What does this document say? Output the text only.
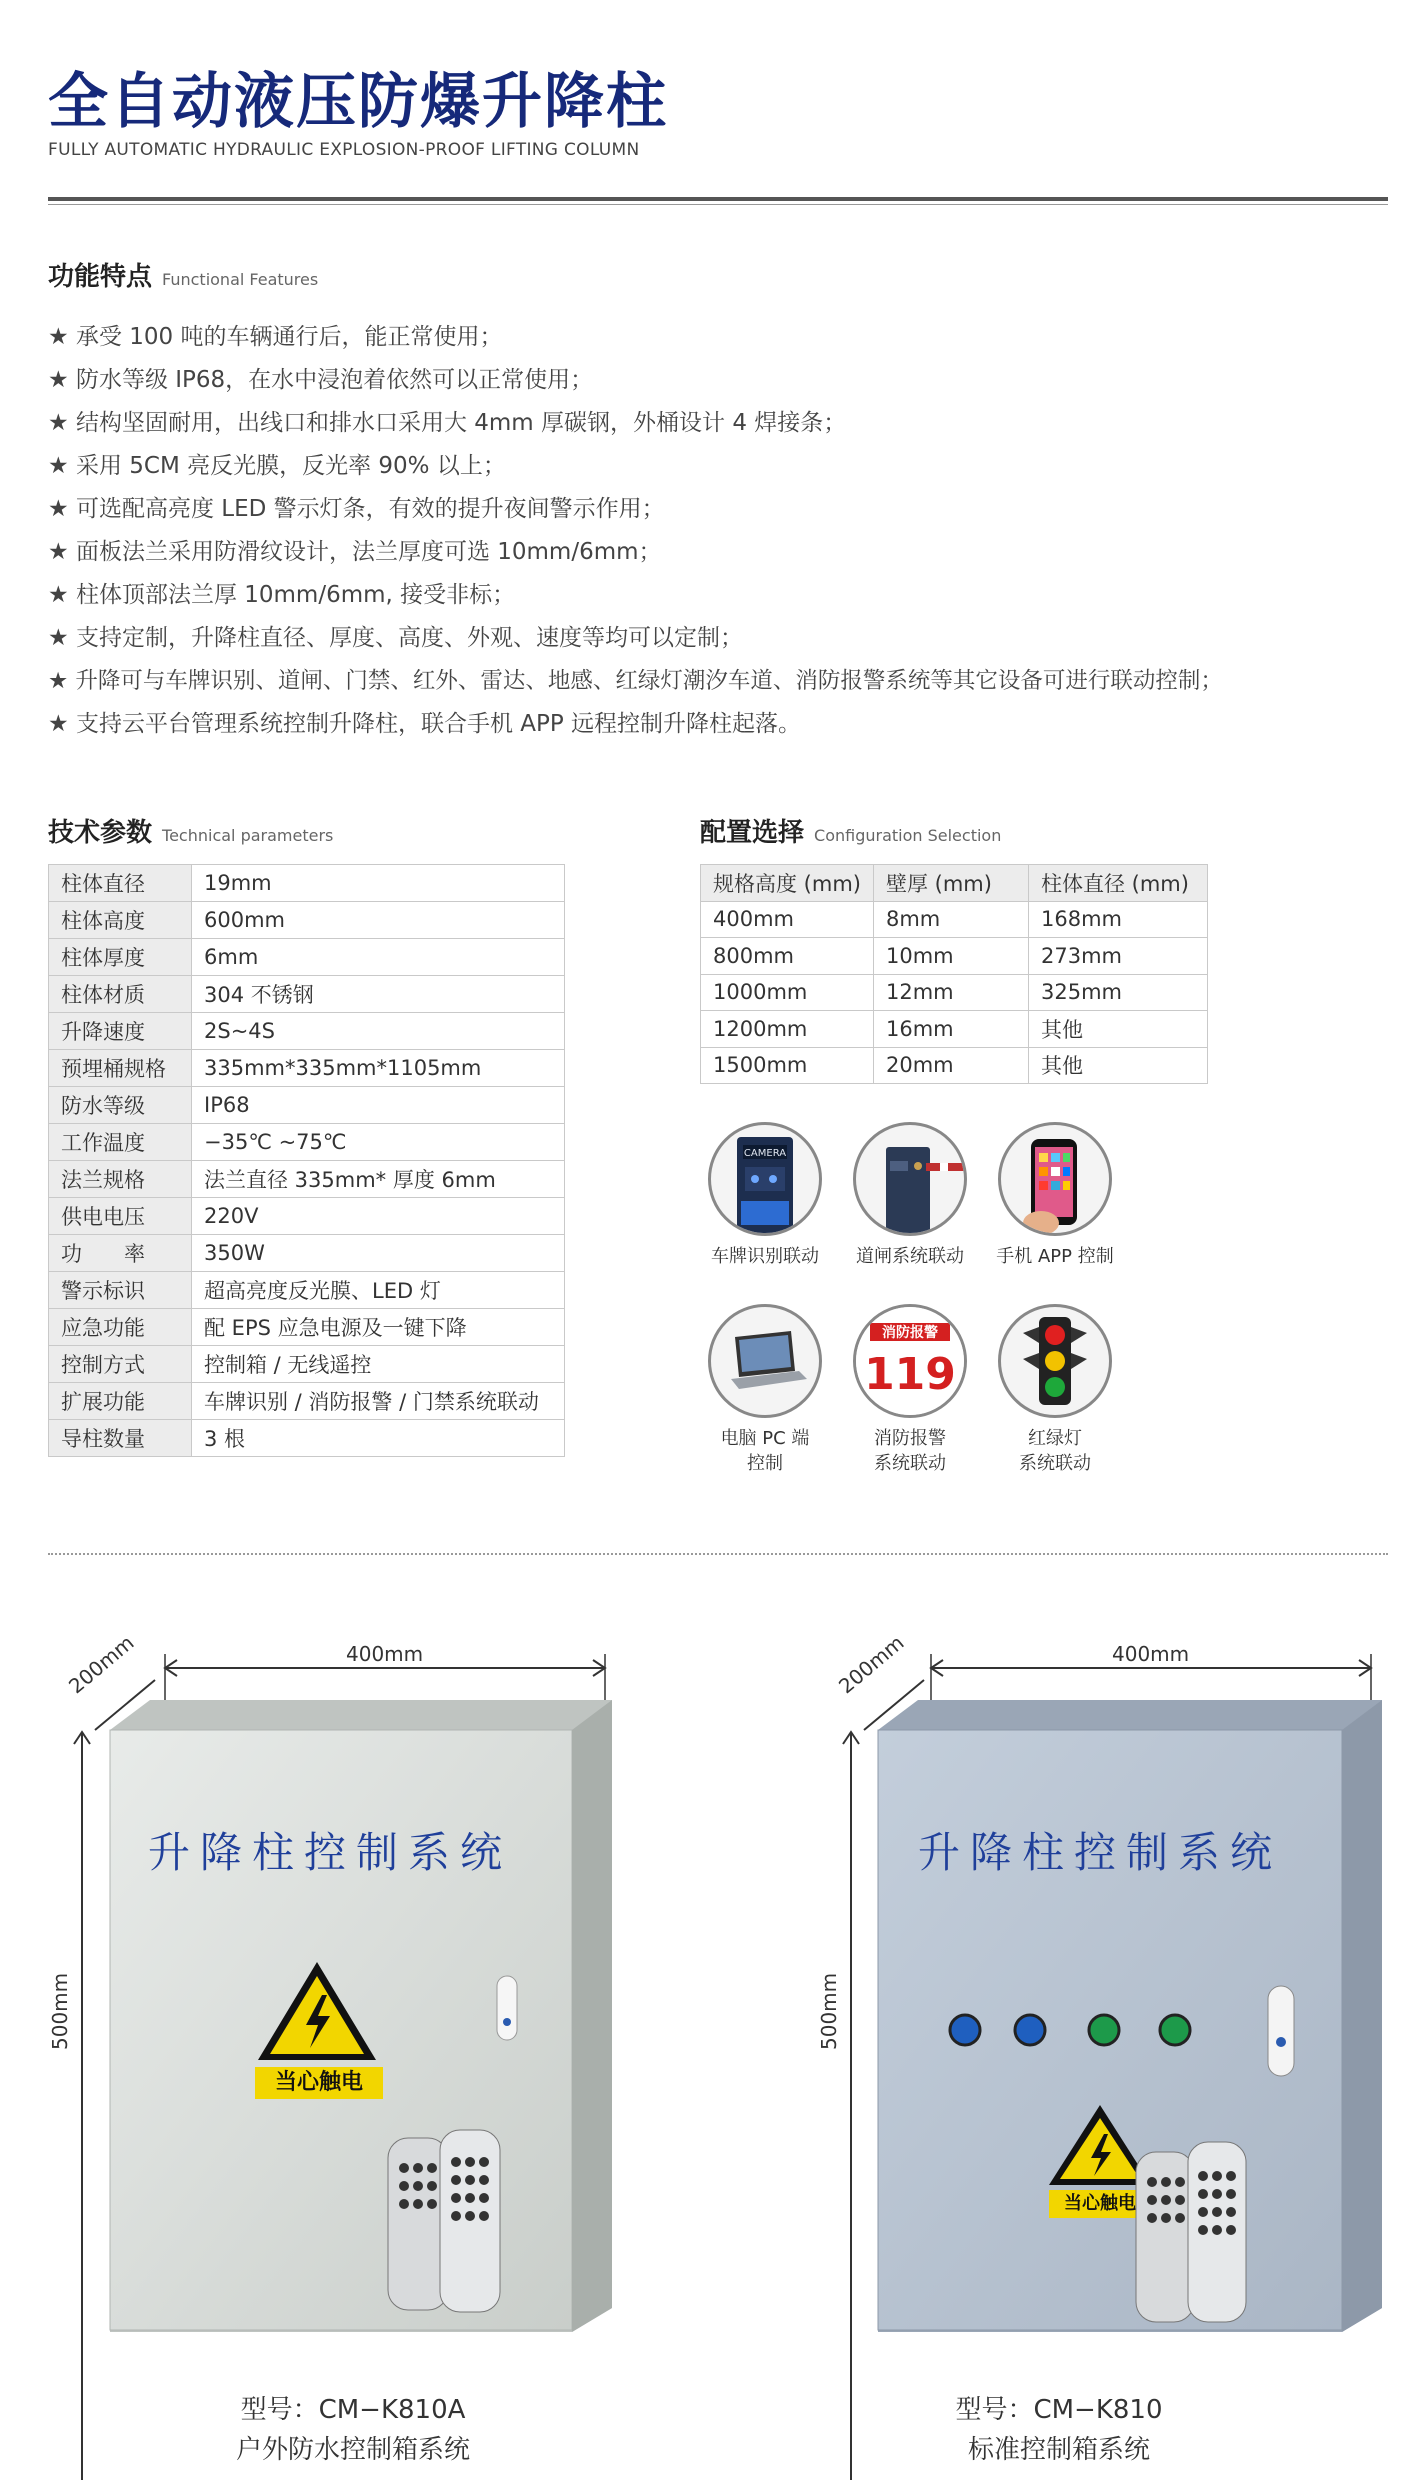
全自动液压防爆升降柱
FULLY AUTOMATIC HYDRAULIC EXPLOSION-PROOF LIFTING COLUMN
功能特点 Functional Features
★ 承受 100 吨的车辆通行后，能正常使用；
★ 防水等级 IP68，在水中浸泡着依然可以正常使用；
★ 结构坚固耐用，出线口和排水口采用大 4mm 厚碳钢，外桶设计 4 焊接条；
★ 采用 5CM 亮反光膜，反光率 90% 以上；
★ 可选配高亮度 LED 警示灯条，有效的提升夜间警示作用；
★ 面板法兰采用防滑纹设计，法兰厚度可选 10mm/6mm；
★ 柱体顶部法兰厚 10mm/6mm, 接受非标；
★ 支持定制，升降柱直径、厚度、高度、外观、速度等均可以定制；
★ 升降可与车牌识别、道闸、门禁、红外、雷达、地感、红绿灯潮汐车道、消防报警系统等其它设备可进行联动控制；
★ 支持云平台管理系统控制升降柱，联合手机 APP 远程控制升降柱起落。
技术参数 Technical parameters
柱体直径	19mm
柱体高度	600mm
柱体厚度	6mm
柱体材质	304 不锈钢
升降速度	2S~4S
预埋桶规格	335mm*335mm*1105mm
防水等级	IP68
工作温度	−35℃ ~75℃
法兰规格	法兰直径 335mm* 厚度 6mm
供电电压	220V
功　　率	350W
警示标识	超高亮度反光膜、LED 灯
应急功能	配 EPS 应急电源及一键下降
控制方式	控制箱 / 无线遥控
扩展功能	车牌识别 / 消防报警 / 门禁系统联动
导柱数量	3 根
配置选择 Configuration Selection
规格高度 (mm)	壁厚 (mm)	柱体直径 (mm)
400mm	8mm	168mm
800mm	10mm	273mm
1000mm	12mm	325mm
1200mm	16mm	其他
1500mm	20mm	其他
CAMERA
车牌识别联动	道闸系统联动	手机 APP 控制
电脑 PC 端
控制
消防报警
119
消防报警
系统联动
红绿灯
系统联动
400mm
200mm
500mm
升降柱控制系统
当心触电
型号：CM−K810A
户外防水控制箱系统
400mm
200mm
500mm
升降柱控制系统
当心触电
型号：CM−K810
标准控制箱系统
